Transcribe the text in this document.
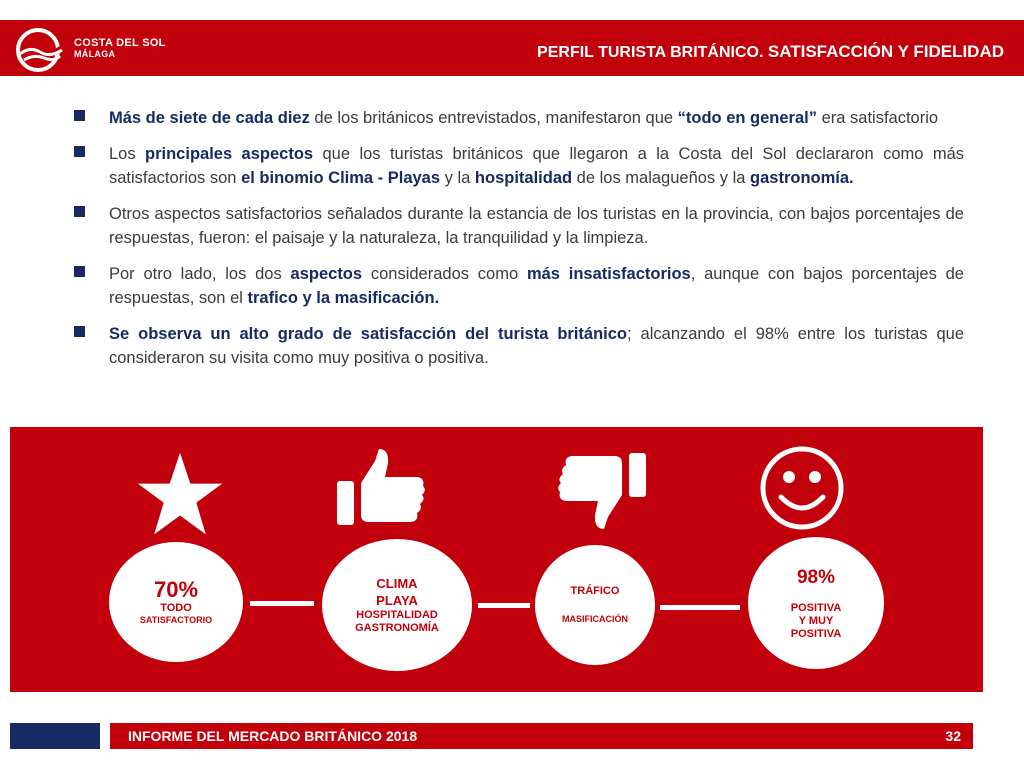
COSTA DEL SOL
MÁLAGA	PERFIL TURISTA BRITÁNICO. SATISFACCIÓN Y FIDELIDAD
Más de siete de cada diez de los británicos entrevistados, manifestaron que “todo en general” era satisfactorio
Los principales aspectos que los turistas británicos que llegaron a la Costa del Sol declararon como más satisfactorios son el binomio Clima - Playas y la hospitalidad de los malagueños y la gastronomía.
Otros aspectos satisfactorios señalados durante la estancia de los turistas en la provincia, con bajos porcentajes de respuestas, fueron: el paisaje y la naturaleza, la tranquilidad y la limpieza.
Por otro lado, los dos aspectos considerados como más insatisfactorios, aunque con bajos porcentajes de respuestas, son el trafico y la masificación.
Se observa un alto grado de satisfacción del turista británico; alcanzando el 98% entre los turistas que consideraron su visita como muy positiva o positiva.
70%
TODO
SATISFACTORIO
CLIMA
PLAYA
HOSPITALIDAD
GASTRONOMÍA
TRÁFICO
MASIFICACIÓN
98%
POSITIVA
Y MUY
POSITIVA
INFORME DEL MERCADO BRITÁNICO 2018	32
